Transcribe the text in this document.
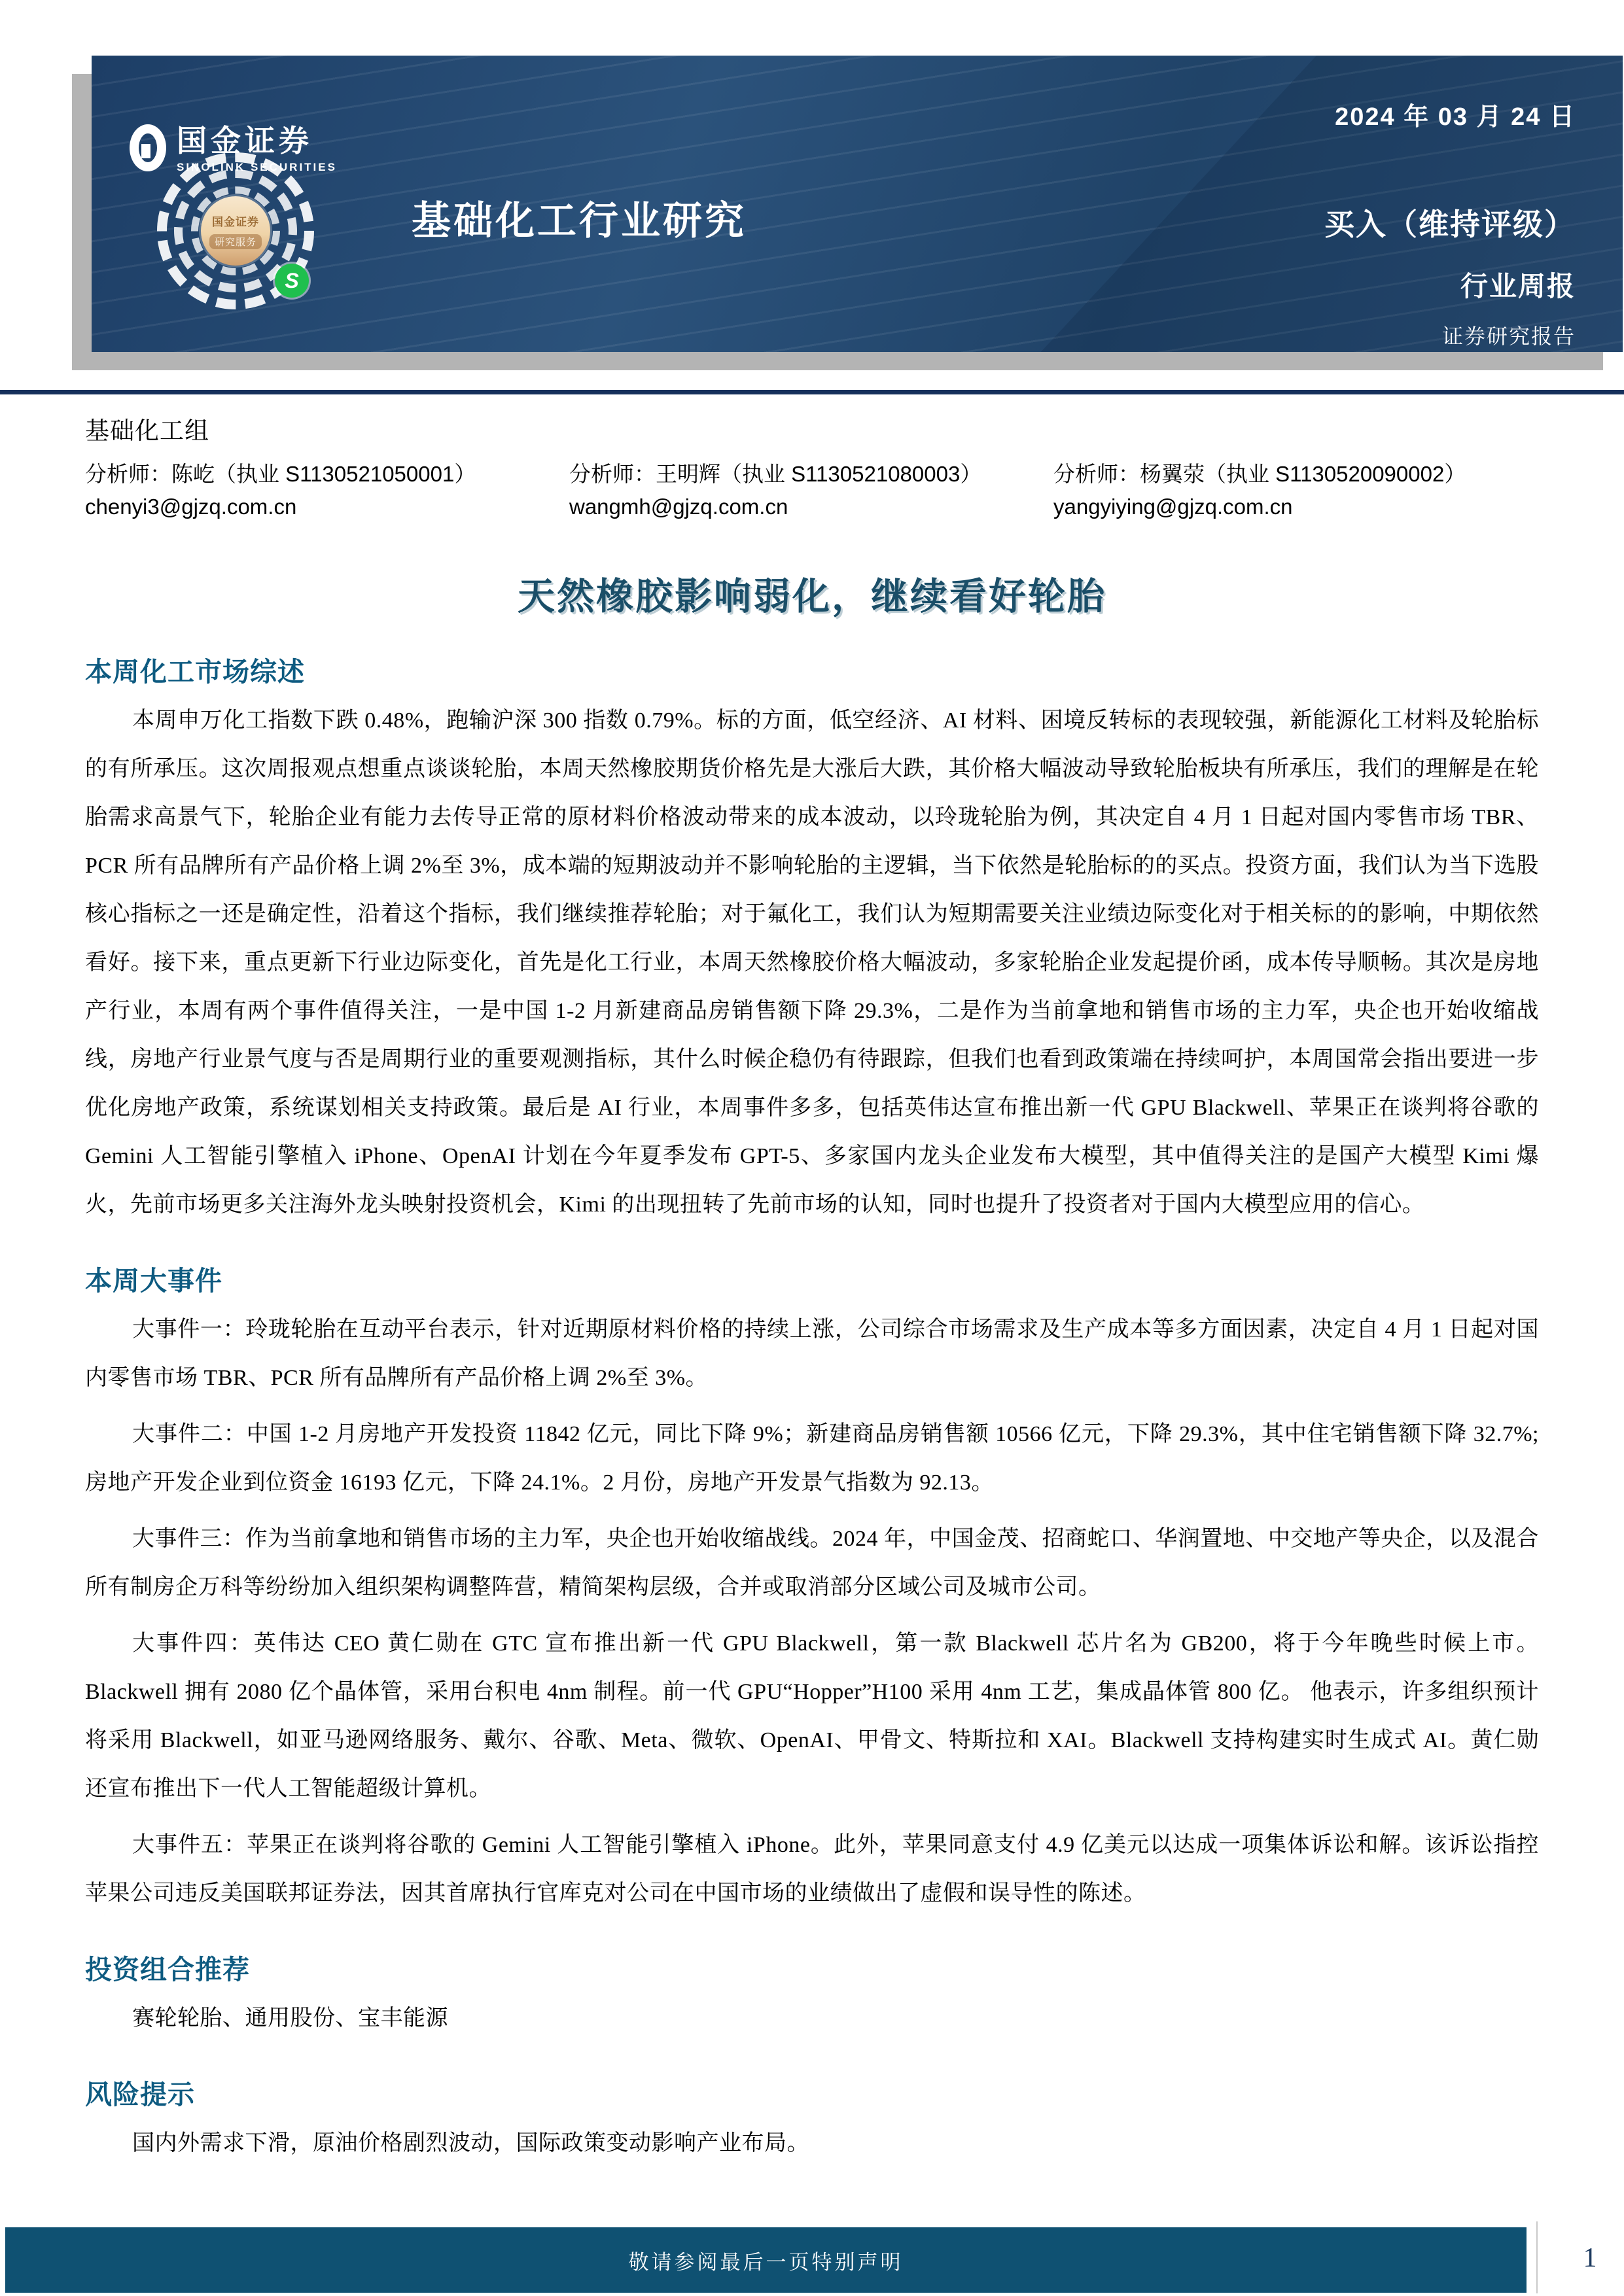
国金证券
SINOLINK SECURITIES
国金证券
研究服务
S
2024 年 03 月 24 日
基础化工行业研究	买入（维持评级）
行业周报
证券研究报告
基础化工组
分析师：陈屹（执业 S1130521050001）
chenyi3@gjzq.com.cn
分析师：王明辉（执业 S1130521080003）
wangmh@gjzq.com.cn
分析师：杨翼荥（执业 S1130520090002）
yangyiying@gjzq.com.cn
天然橡胶影响弱化，继续看好轮胎
本周化工市场综述
本周申万化工指数下跌 0.48%，跑输沪深 300 指数 0.79%。标的方面，低空经济、AI 材料、困境反转标的表现较强，新能源化工材料及轮胎标的有所承压。这次周报观点想重点谈谈轮胎，本周天然橡胶期货价格先是大涨后大跌，其价格大幅波动导致轮胎板块有所承压，我们的理解是在轮胎需求高景气下，轮胎企业有能力去传导正常的原材料价格波动带来的成本波动，以玲珑轮胎为例，其决定自 4 月 1 日起对国内零售市场 TBR、PCR 所有品牌所有产品价格上调 2%至 3%，成本端的短期波动并不影响轮胎的主逻辑，当下依然是轮胎标的的买点。投资方面，我们认为当下选股核心指标之一还是确定性，沿着这个指标，我们继续推荐轮胎；对于氟化工，我们认为短期需要关注业绩边际变化对于相关标的的影响，中期依然看好。接下来，重点更新下行业边际变化，首先是化工行业，本周天然橡胶价格大幅波动，多家轮胎企业发起提价函，成本传导顺畅。其次是房地产行业，本周有两个事件值得关注，一是中国 1-2 月新建商品房销售额下降 29.3%，二是作为当前拿地和销售市场的主力军，央企也开始收缩战线，房地产行业景气度与否是周期行业的重要观测指标，其什么时候企稳仍有待跟踪，但我们也看到政策端在持续呵护，本周国常会指出要进一步优化房地产政策，系统谋划相关支持政策。最后是 AI 行业，本周事件多多，包括英伟达宣布推出新一代 GPU Blackwell、苹果正在谈判将谷歌的 Gemini 人工智能引擎植入 iPhone、OpenAI 计划在今年夏季发布 GPT-5、多家国内龙头企业发布大模型，其中值得关注的是国产大模型 Kimi 爆火，先前市场更多关注海外龙头映射投资机会，Kimi 的出现扭转了先前市场的认知，同时也提升了投资者对于国内大模型应用的信心。
本周大事件
大事件一：玲珑轮胎在互动平台表示，针对近期原材料价格的持续上涨，公司综合市场需求及生产成本等多方面因素，决定自 4 月 1 日起对国内零售市场 TBR、PCR 所有品牌所有产品价格上调 2%至 3%。
大事件二：中国 1-2 月房地产开发投资 11842 亿元，同比下降 9%；新建商品房销售额 10566 亿元，下降 29.3%，其中住宅销售额下降 32.7%;房地产开发企业到位资金 16193 亿元，下降 24.1%。2 月份，房地产开发景气指数为 92.13。
大事件三：作为当前拿地和销售市场的主力军，央企也开始收缩战线。2024 年，中国金茂、招商蛇口、华润置地、中交地产等央企，以及混合所有制房企万科等纷纷加入组织架构调整阵营，精简架构层级，合并或取消部分区域公司及城市公司。
大事件四：英伟达 CEO 黄仁勋在 GTC 宣布推出新一代 GPU Blackwell，第一款 Blackwell 芯片名为 GB200，将于今年晚些时候上市。Blackwell 拥有 2080 亿个晶体管，采用台积电 4nm 制程。前一代 GPU“Hopper”H100 采用 4nm 工艺，集成晶体管 800 亿。 他表示，许多组织预计将采用 Blackwell，如亚马逊网络服务、戴尔、谷歌、Meta、微软、OpenAI、甲骨文、特斯拉和 XAI。Blackwell 支持构建实时生成式 AI。黄仁勋还宣布推出下一代人工智能超级计算机。
大事件五：苹果正在谈判将谷歌的 Gemini 人工智能引擎植入 iPhone。此外，苹果同意支付 4.9 亿美元以达成一项集体诉讼和解。该诉讼指控苹果公司违反美国联邦证券法，因其首席执行官库克对公司在中国市场的业绩做出了虚假和误导性的陈述。
投资组合推荐
赛轮轮胎、通用股份、宝丰能源
风险提示
国内外需求下滑，原油价格剧烈波动，国际政策变动影响产业布局。
敬请参阅最后一页特别声明	1
